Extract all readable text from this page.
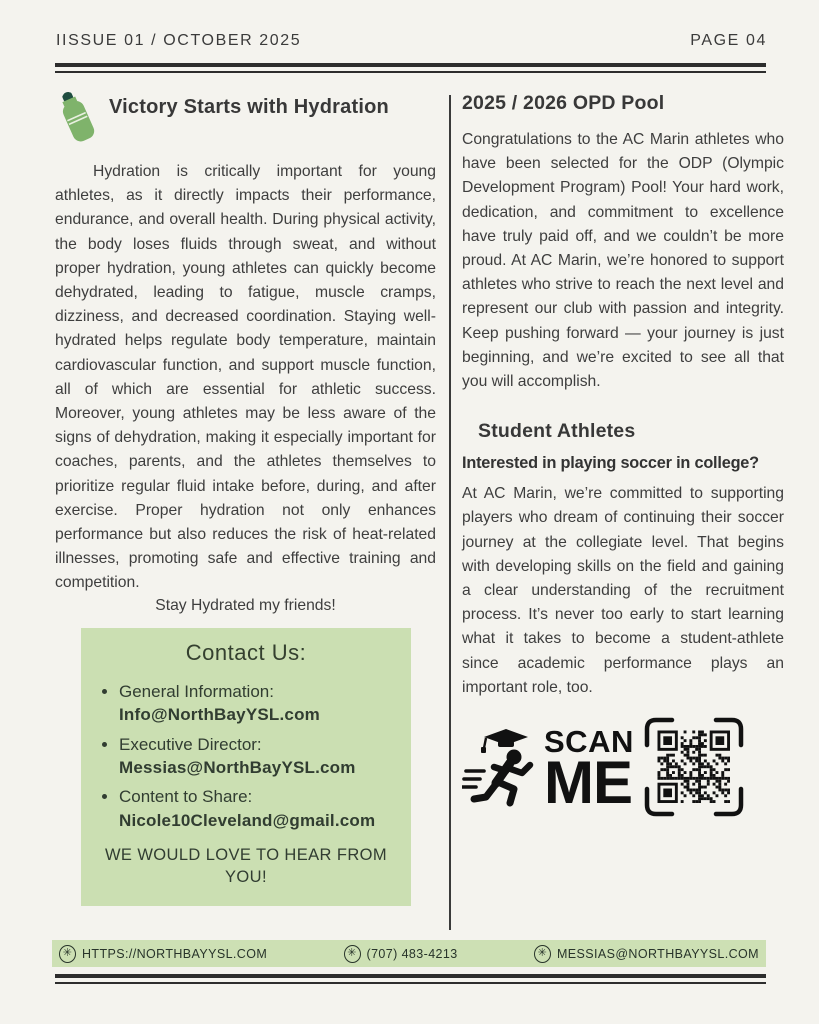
IISSUE 01 / OCTOBER 2025	PAGE 04
Victory Starts with Hydration

Hydration is critically important for young athletes, as it directly impacts their performance, endurance, and overall health. During physical activity, the body loses fluids through sweat, and without proper hydration, young athletes can quickly become dehydrated, leading to fatigue, muscle cramps, dizziness, and decreased coordination. Staying well-hydrated helps regulate body temperature, maintain cardiovascular function, and support muscle function, all of which are essential for athletic success. Moreover, young athletes may be less aware of the signs of dehydration, making it especially important for coaches, parents, and the athletes themselves to prioritize regular fluid intake before, during, and after exercise. Proper hydration not only enhances performance but also reduces the risk of heat-related illnesses, promoting safe and effective training and competition.

Stay Hydrated my friends!

Contact Us:
• General Information:
Info@NorthBayYSL.com
• Executive Director:
Messias@NorthBayYSL.com
• Content to Share:
Nicole10Cleveland@gmail.com
WE WOULD LOVE TO HEAR FROM YOU!
2025 / 2026 OPD Pool

Congratulations to the AC Marin athletes who have been selected for the ODP (Olympic Development Program) Pool! Your hard work, dedication, and commitment to excellence have truly paid off, and we couldn’t be more proud. At AC Marin, we’re honored to support athletes who strive to reach the next level and represent our club with passion and integrity. Keep pushing forward — your journey is just beginning, and we’re excited to see all that you will accomplish.

Student Athletes

Interested in playing soccer in college?

At AC Marin, we’re committed to supporting players who dream of continuing their soccer journey at the collegiate level. That begins with developing skills on the field and gaining a clear understanding of the recruitment process. It’s never too early to start learning what it takes to become a student-athlete since academic performance plays an important role, too.

SCAN
ME
✳ HTTPS://NORTHBAYYSL.COM	✳ (707) 483-4213	✳ MESSIAS@NORTHBAYYSL.COM
